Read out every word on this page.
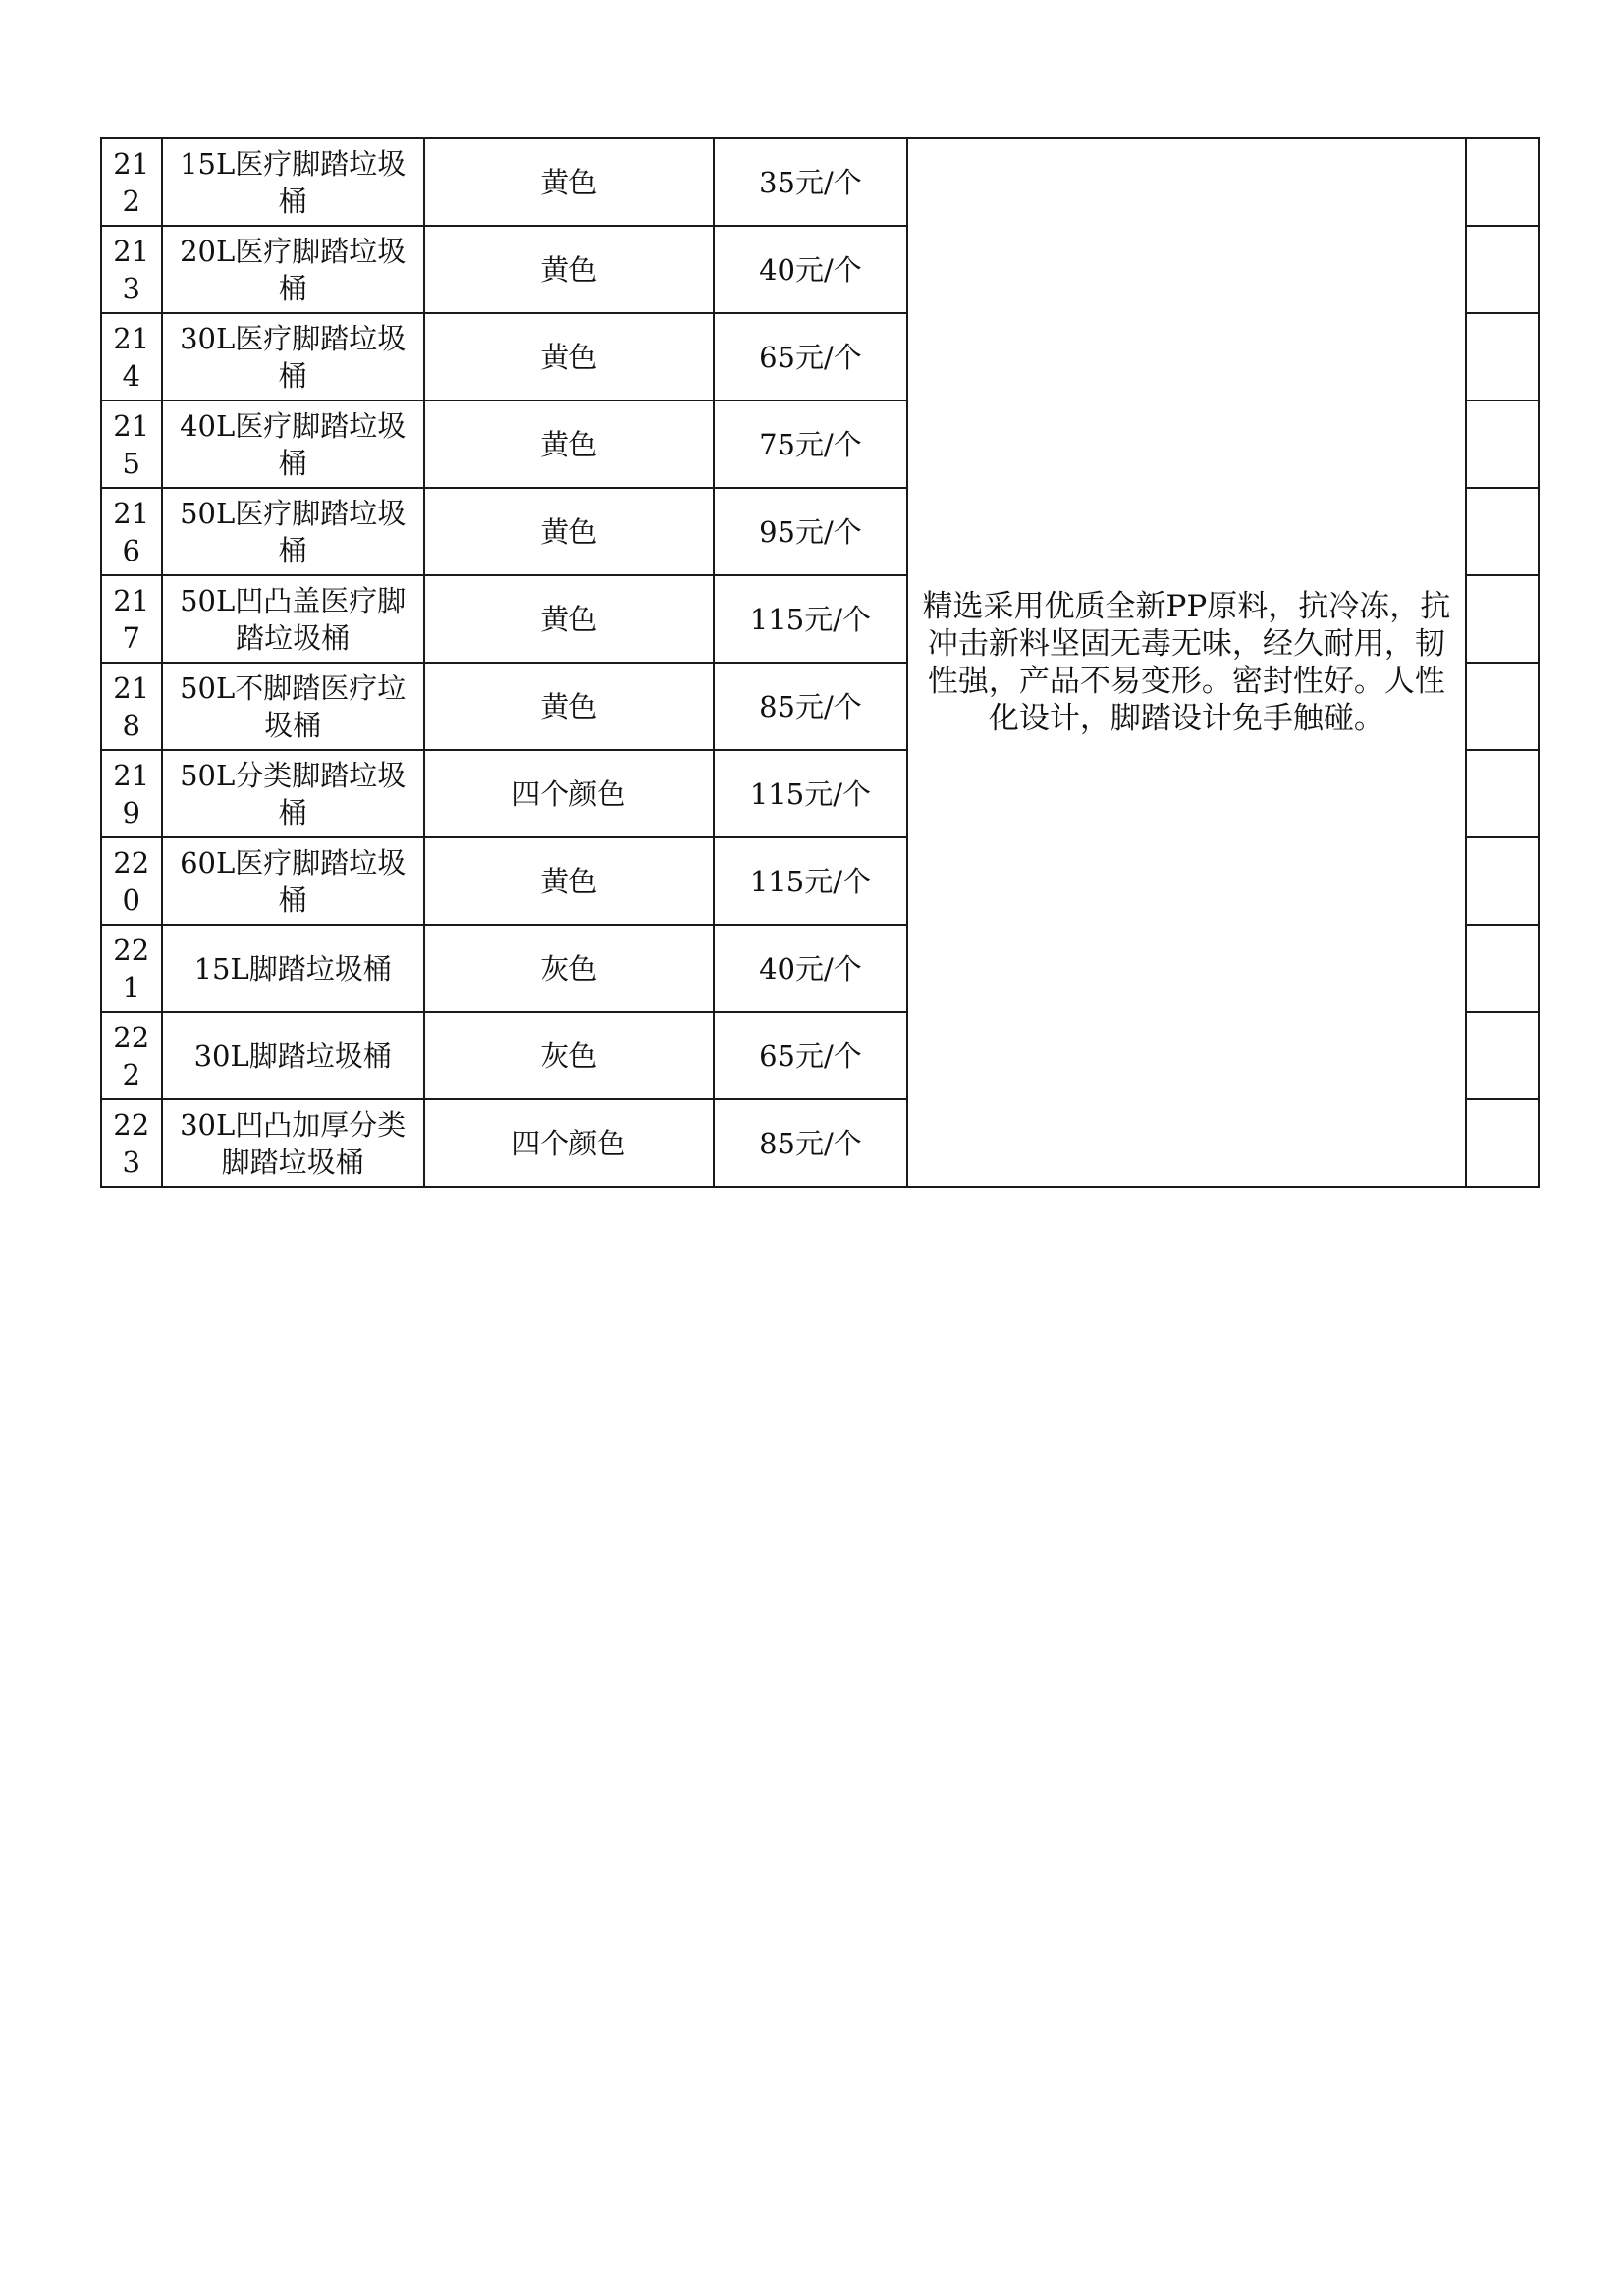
212	15L医疗脚踏垃圾桶	黄色	35元/个	精选采用优质全新PP原料，抗冷冻，抗冲击新料坚固无毒无味，经久耐用，韧性强，产品不易变形。密封性好。人性化设计，脚踏设计免手触碰。	
213	20L医疗脚踏垃圾桶	黄色	40元/个		
214	30L医疗脚踏垃圾桶	黄色	65元/个		
215	40L医疗脚踏垃圾桶	黄色	75元/个		
216	50L医疗脚踏垃圾桶	黄色	95元/个		
217	50L凹凸盖医疗脚踏垃圾桶	黄色	115元/个		
218	50L不脚踏医疗垃圾桶	黄色	85元/个		
219	50L分类脚踏垃圾桶	四个颜色	115元/个		
220	60L医疗脚踏垃圾桶	黄色	115元/个		
221	15L脚踏垃圾桶	灰色	40元/个		
222	30L脚踏垃圾桶	灰色	65元/个		
223	30L凹凸加厚分类脚踏垃圾桶	四个颜色	85元/个		
